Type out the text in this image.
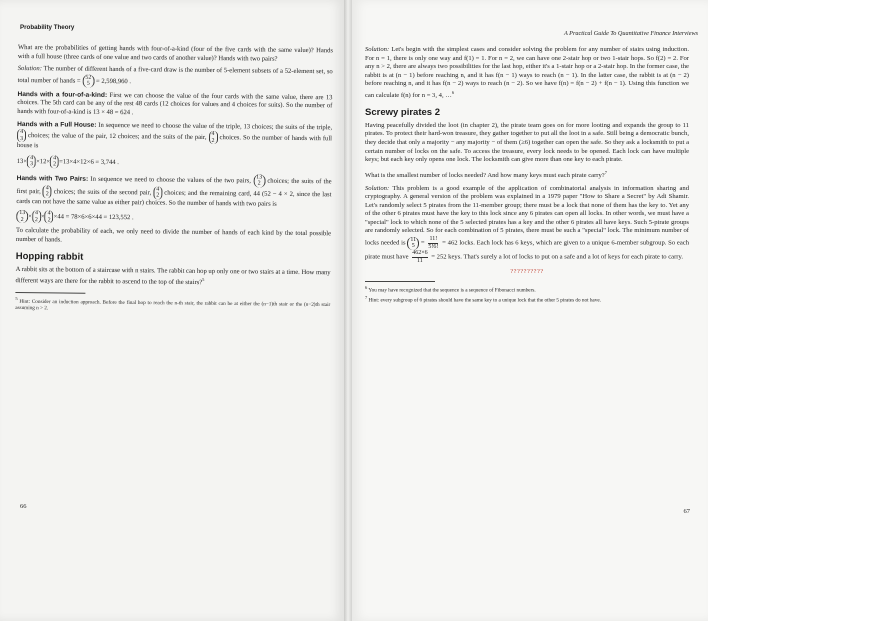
Probability Theory

What are the probabilities of getting hands with four-of-a-kind (four of the five cards with the same value)? Hands with a full house (three cards of one value and two cards of another value)? Hands with two pairs?

Solution: The number of different hands of a five-card draw is the number of 5-element subsets of a 52-element set, so total number of hands = 52
5 = 2,598,960 .

Hands with a four-of-a-kind: First we can choose the value of the four cards with the same value, there are 13 choices. The 5th card can be any of the rest 48 cards (12 choices for values and 4 choices for suits). So the number of hands with four-of-a-kind is 13 × 48 = 624 .

Hands with a Full House: In sequence we need to choose the value of the triple, 13 choices; the suits of the triple,
4
3 choices; the value of the pair, 12 choices; and the suits of the pair, 4
2 choices. So the number of hands with full house is

13× 4
3 ×12× 4
2 =13×4×12×6 = 3,744 .

Hands with Two Pairs: In sequence we need to choose the values of the two pairs, 13
2 choices; the suits of the first pair, 4
2 choices; the suits of the second pair, 4
2 choices; and the remaining card, 44 (52 − 4 × 2, since the last cards can not have the same value as either pair) choices. So the number of hands with two pairs is

13
2 × 4
2 × 4
2 ×44 = 78×6×6×44 = 123,552 .

To calculate the probability of each, we only need to divide the number of hands of each kind by the total possible number of hands.

Hopping rabbit

A rabbit sits at the bottom of a staircase with n stairs. The rabbit can hop up only one or two stairs at a time. How many different ways are there for the rabbit to ascend to the top of the stairs?$^5$

$^5$ Hint: Consider an induction approach. Before the final hop to reach the n-th stair, the rabbit can be at either the (n−1)th stair or the (n−2)th stair assuming n > 2.

66
A Practical Guide To Quantitative Finance Interviews

Solution: Let's begin with the simplest cases and consider solving the problem for any number of stairs using induction. For n = 1, there is only one way and f(1) = 1. For n = 2, we can have one 2-stair hop or two 1-stair hops. So f(2) = 2. For any n > 2, there are always two possibilities for the last hop, either it's a 1-stair hop or a 2-stair hop. In the former case, the rabbit is at (n − 1) before reaching n, and it has f(n − 1) ways to reach (n − 1). In the latter case, the rabbit is at (n − 2) before reaching n, and it has f(n − 2) ways to reach (n − 2). So we have f(n) = f(n − 2) + f(n − 1). Using this function we can calculate f(n) for n = 3, 4, …$^6$

Screwy pirates 2

Having peacefully divided the loot (in chapter 2), the pirate team goes on for more looting and expands the group to 11 pirates. To protect their hard-won treasure, they gather together to put all the loot in a safe. Still being a democratic bunch, they decide that only a majority − any majority − of them (≥6) together can open the safe. So they ask a locksmith to put a certain number of locks on the safe. To access the treasure, every lock needs to be opened. Each lock can have multiple keys; but each key only opens one lock. The locksmith can give more than one key to each pirate.

What is the smallest number of locks needed? And how many keys must each pirate carry?$^7$

Solution: This problem is a good example of the application of combinatorial analysis in information sharing and cryptography. A general version of the problem was explained in a 1979 paper "How to Share a Secret" by Adi Shamir. Let's randomly select 5 pirates from the 11-member group; there must be a lock that none of them has the key to. Yet any of the other 6 pirates must have the key to this lock since any 6 pirates can open all locks. In other words, we must have a "special" lock to which none of the 5 selected pirates has a key and the other 6 pirates all have keys. Such 5-pirate groups are randomly selected. So for each combination of 5 pirates, there must be such a "special" lock. The minimum number of locks needed is
11
$5 = \frac{11!}{5!6!} = 462$ locks. Each lock has 6 keys, which are given to a unique 6-member subgroup. So each pirate must have $\frac{462\times 6}{11} = 252$ keys. That's surely a lot of locks to put on a safe and a lot of keys for each pirate to carry.

??????????

$^6$ You may have recognized that the sequence is a sequence of Fibonacci numbers.

$^7$ Hint: every subgroup of 6 pirates should have the same key to a unique lock that the other 5 pirates do not have.

67
